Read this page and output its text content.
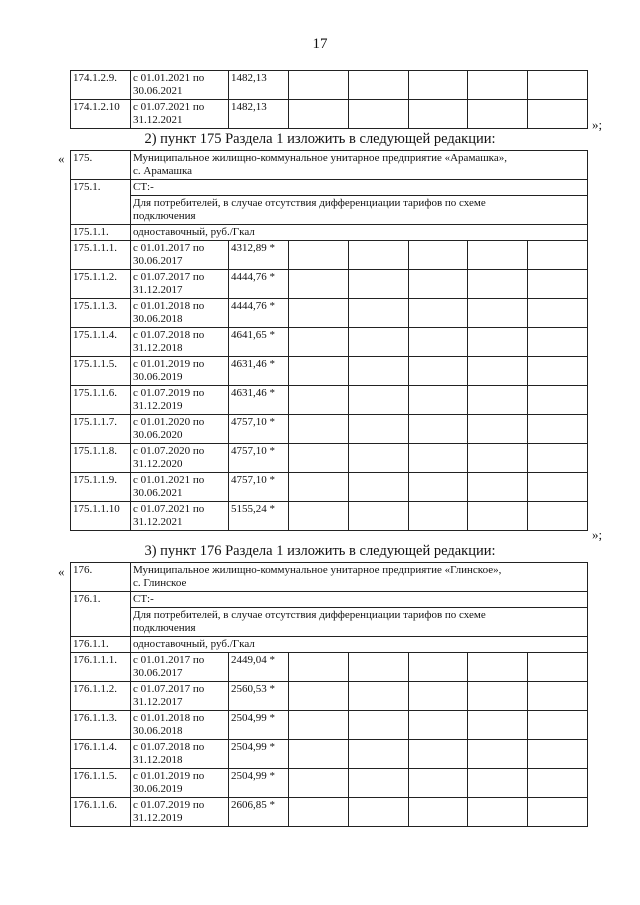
17
174.1.2.9.	с 01.01.2021 по
30.06.2021	1482,13					
174.1.2.10	с 01.07.2021 по
31.12.2021	1482,13					
»;
2) пункт 175 Раздела 1 изложить в следующей редакции:
« 175.	Муниципальное жилищно-коммунальное унитарное предприятие «Арамашка»,
с. Арамашка						

175.1.	СТ:-						

	Для потребителей, в случае отсутствия дифференциации тарифов по схеме
подключения						

175.1.1.	одноставочный, руб./Гкал						
175.1.1.1.	с 01.01.2017 по
30.06.2017	4312,89 *					
175.1.1.2.	с 01.07.2017 по
31.12.2017	4444,76 *					
175.1.1.3.	с 01.01.2018 по
30.06.2018	4444,76 *					
175.1.1.4.	с 01.07.2018 по
31.12.2018	4641,65 *					
175.1.1.5.	с 01.01.2019 по
30.06.2019	4631,46 *					
175.1.1.6.	с 01.07.2019 по
31.12.2019	4631,46 *					
175.1.1.7.	с 01.01.2020 по
30.06.2020	4757,10 *					
175.1.1.8.	с 01.07.2020 по
31.12.2020	4757,10 *					
175.1.1.9.	с 01.01.2021 по
30.06.2021	4757,10 *					
175.1.1.10	с 01.07.2021 по
31.12.2021	5155,24 *					
»;
3) пункт 176 Раздела 1 изложить в следующей редакции:
« 176.	Муниципальное жилищно-коммунальное унитарное предприятие «Глинское»,
с. Глинское						

176.1.	СТ:-						

	Для потребителей, в случае отсутствия дифференциации тарифов по схеме
подключения						

176.1.1.	одноставочный, руб./Гкал						
176.1.1.1.	с 01.01.2017 по
30.06.2017	2449,04 *					
176.1.1.2.	с 01.07.2017 по
31.12.2017	2560,53 *					
176.1.1.3.	с 01.01.2018 по
30.06.2018	2504,99 *					
176.1.1.4.	с 01.07.2018 по
31.12.2018	2504,99 *					
176.1.1.5.	с 01.01.2019 по
30.06.2019	2504,99 *					
176.1.1.6.	с 01.07.2019 по
31.12.2019	2606,85 *					
